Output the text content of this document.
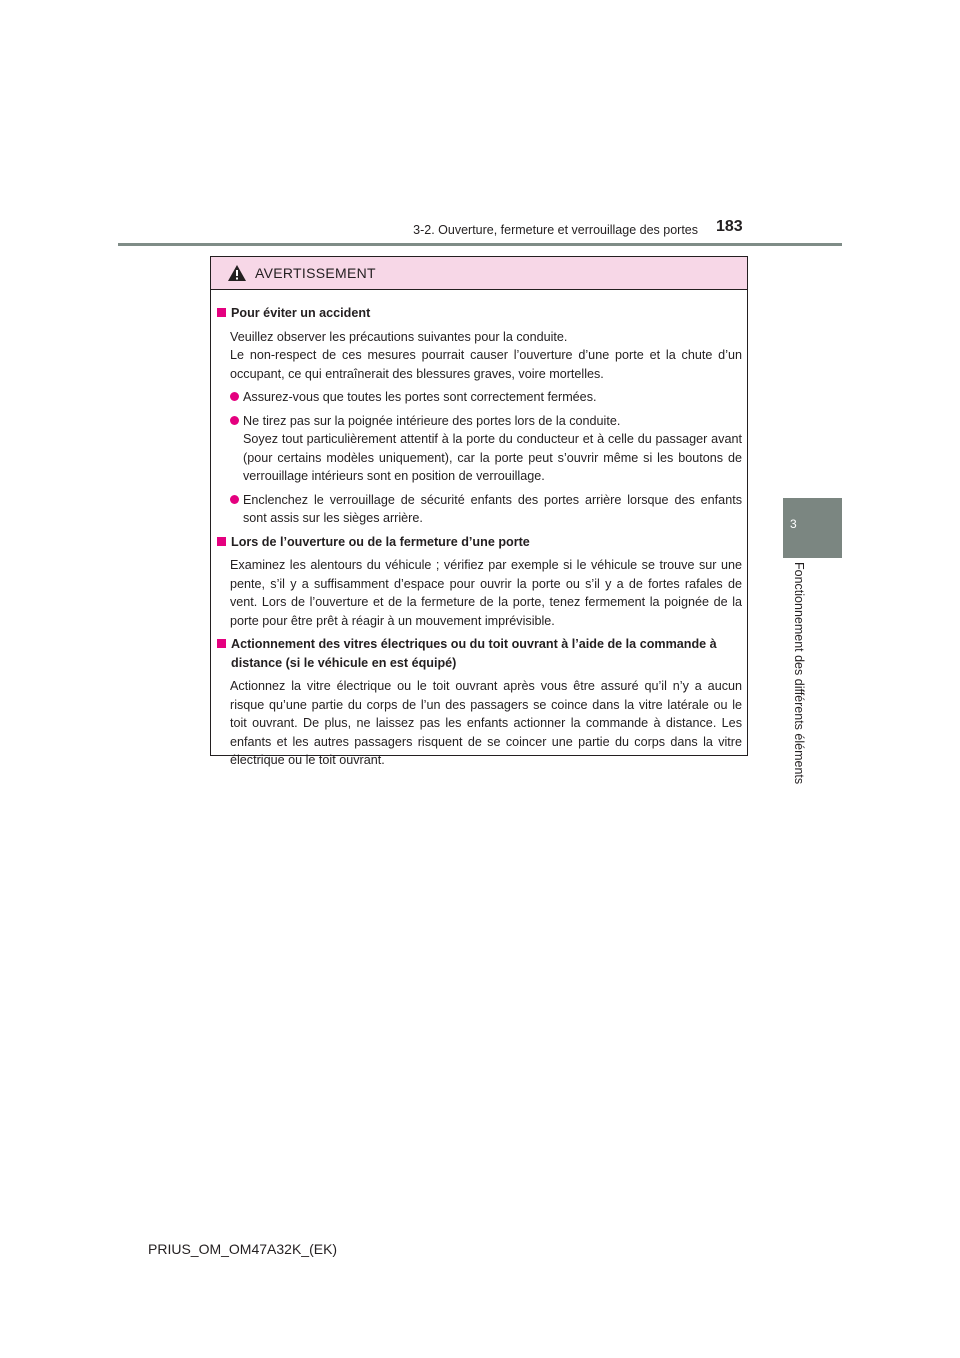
3-2. Ouverture, fermeture et verrouillage des portes 183
3
Fonctionnement des différents éléments
AVERTISSEMENT
Pour éviter un accident

Veuillez observer les précautions suivantes pour la conduite.

Le non-respect de ces mesures pourrait causer l’ouverture d’une porte et la chute d’un occupant, ce qui entraînerait des blessures graves, voire mortelles.

Assurez-vous que toutes les portes sont correctement fermées.

Ne tirez pas sur la poignée intérieure des portes lors de la conduite.

Soyez tout particulièrement attentif à la porte du conducteur et à celle du passager avant (pour certains modèles uniquement), car la porte peut s’ouvrir même si les boutons de verrouillage intérieurs sont en position de verrouillage.

Enclenchez le verrouillage de sécurité enfants des portes arrière lorsque des enfants sont assis sur les sièges arrière.

Lors de l’ouverture ou de la fermeture d’une porte

Examinez les alentours du véhicule ; vérifiez par exemple si le véhicule se trouve sur une pente, s’il y a suffisamment d’espace pour ouvrir la porte ou s’il y a de fortes rafales de vent. Lors de l’ouverture et de la fermeture de la porte, tenez fermement la poignée de la porte pour être prêt à réagir à un mouvement imprévisible.

Actionnement des vitres électriques ou du toit ouvrant à l’aide de la commande à distance (si le véhicule en est équipé)

Actionnez la vitre électrique ou le toit ouvrant après vous être assuré qu’il n’y a aucun risque qu’une partie du corps de l’un des passagers se coince dans la vitre latérale ou le toit ouvrant. De plus, ne laissez pas les enfants actionner la commande à distance. Les enfants et les autres passagers risquent de se coincer une partie du corps dans la vitre électrique ou le toit ouvrant.

PRIUS_OM_OM47A32K_(EK)
